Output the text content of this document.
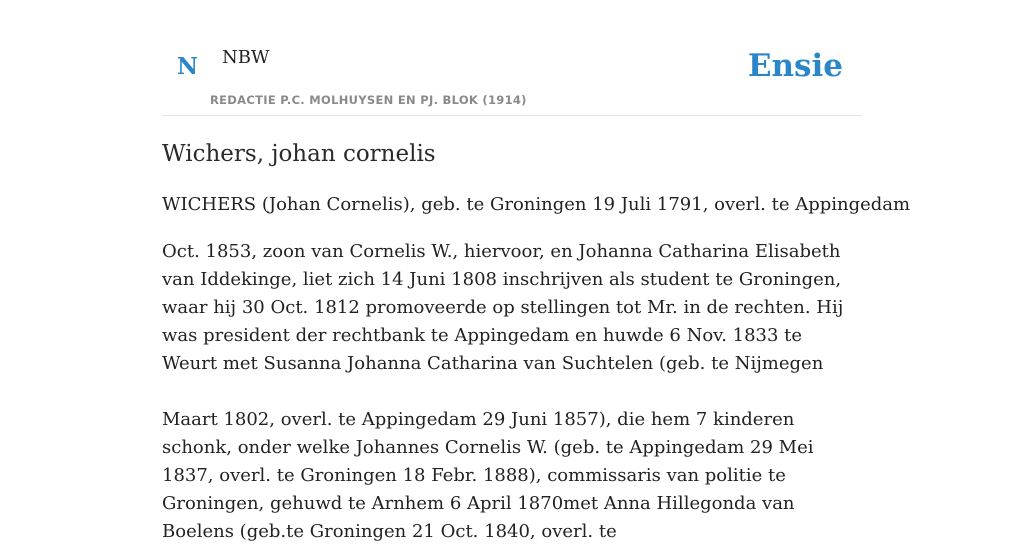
N NBW
REDACTIE P.C. MOLHUYSEN EN PJ. BLOK (1914)
Ensie
Wichers, johan cornelis

WICHERS (Johan Cornelis), geb. te Groningen 19 Juli 1791, overl. te Appingedam

Oct. 1853, zoon van Cornelis W., hiervoor, en Johanna Catharina Elisabeth van Iddekinge, liet zich 14 Juni 1808 inschrijven als student te Groningen, waar hij 30 Oct. 1812 promoveerde op stellingen tot Mr. in de rechten. Hij was president der rechtbank te Appingedam en huwde 6 Nov. 1833 te Weurt met Susanna Johanna Catharina van Suchtelen (geb. te Nijmegen

Maart 1802, overl. te Appingedam 29 Juni 1857), die hem 7 kinderen schonk, onder welke Johannes Cornelis W. (geb. te Appingedam 29 Mei 1837, overl. te Groningen 18 Febr. 1888), commissaris van politie te Groningen, gehuwd te Arnhem 6 April 1870met Anna Hillegonda van Boelens (geb.te Groningen 21 Oct. 1840, overl. te
